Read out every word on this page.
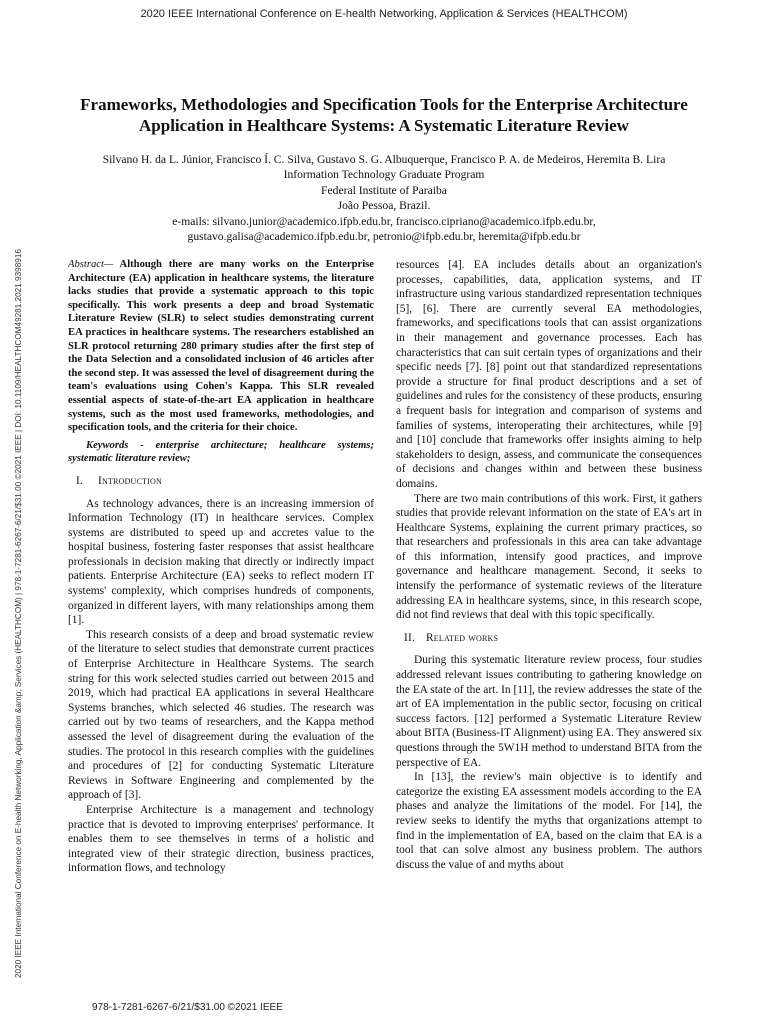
2020 IEEE International Conference on E-health Networking, Application & Services (HEALTHCOM)
2020 IEEE International Conference on E-health Networking, Application &amp; Services (HEALTHCOM) | 978-1-7281-6267-6/21/$31.00 ©2021 IEEE | DOI: 10.1109/HEALTHCOM49281.2021.9398916
Frameworks, Methodologies and Specification Tools for the Enterprise Architecture
Application in Healthcare Systems: A Systematic Literature Review
Silvano H. da L. Júnior, Francisco Í. C. Silva, Gustavo S. G. Albuquerque, Francisco P. A. de Medeiros, Heremita B. Lira
Information Technology Graduate Program
Federal Institute of Paraiba
João Pessoa, Brazil.
e-mails: silvano.junior@academico.ifpb.edu.br, francisco.cipriano@academico.ifpb.edu.br,
gustavo.galisa@academico.ifpb.edu.br, petronio@ifpb.edu.br, heremita@ifpb.edu.br

Abstract— Although there are many works on the Enterprise Architecture (EA) application in healthcare systems, the literature lacks studies that provide a systematic approach to this topic specifically. This work presents a deep and broad Systematic Literature Review (SLR) to select studies demonstrating current EA practices in healthcare systems. The researchers established an SLR protocol returning 280 primary studies after the first step of the Data Selection and a consolidated inclusion of 46 articles after the second step. It was assessed the level of disagreement during the team's evaluations using Cohen's Kappa. This SLR revealed essential aspects of state-of-the-art EA application in healthcare systems, such as the most used frameworks, methodologies, and specification tools, and the criteria for their choice.

Keywords - enterprise architecture; healthcare systems; systematic literature review;

I. Introduction

As technology advances, there is an increasing immersion of Information Technology (IT) in healthcare services. Complex systems are distributed to speed up and accretes value to the hospital business, fostering faster responses that assist healthcare professionals in decision making that directly or indirectly impact patients. Enterprise Architecture (EA) seeks to reflect modern IT systems' complexity, which comprises hundreds of components, organized in different layers, with many relationships among them [1].

This research consists of a deep and broad systematic review of the literature to select studies that demonstrate current practices of Enterprise Architecture in Healthcare Systems. The search string for this work selected studies carried out between 2015 and 2019, which had practical EA applications in several Healthcare Systems branches, which selected 46 studies. The research was carried out by two teams of researchers, and the Kappa method assessed the level of disagreement during the evaluation of the studies. The protocol in this research complies with the guidelines and procedures of [2] for conducting Systematic Literature Reviews in Software Engineering and complemented by the approach of [3].

Enterprise Architecture is a management and technology practice that is devoted to improving enterprises' performance. It enables them to see themselves in terms of a holistic and integrated view of their strategic direction, business practices, information flows, and technology

resources [4]. EA includes details about an organization's processes, capabilities, data, application systems, and IT infrastructure using various standardized representation techniques [5], [6]. There are currently several EA methodologies, frameworks, and specifications tools that can assist organizations in their management and governance processes. Each has characteristics that can suit certain types of organizations and their specific needs [7]. [8] point out that standardized representations provide a structure for final product descriptions and a set of guidelines and rules for the consistency of these products, ensuring a frequent basis for integration and comparison of systems and families of systems, interoperating their architectures, while [9] and [10] conclude that frameworks offer insights aiming to help stakeholders to design, assess, and communicate the consequences of decisions and changes within and between these business domains.

There are two main contributions of this work. First, it gathers studies that provide relevant information on the state of EA's art in Healthcare Systems, explaining the current primary practices, so that researchers and professionals in this area can take advantage of this information, intensify good practices, and improve governance and healthcare management. Second, it seeks to intensify the performance of systematic reviews of the literature addressing EA in healthcare systems, since, in this research scope, did not find reviews that deal with this topic specifically.

II. Related works

During this systematic literature review process, four studies addressed relevant issues contributing to gathering knowledge on the EA state of the art. In [11], the review addresses the state of the art of EA implementation in the public sector, focusing on critical success factors. [12] performed a Systematic Literature Review about BITA (Business-IT Alignment) using EA. They answered six questions through the 5W1H method to understand BITA from the perspective of EA.

In [13], the review's main objective is to identify and categorize the existing EA assessment models according to the EA phases and analyze the limitations of the model. For [14], the review seeks to identify the myths that organizations attempt to find in the implementation of EA, based on the claim that EA is a tool that can solve almost any business problem. The authors discuss the value of and myths about

978-1-7281-6267-6/21/$31.00 ©2021 IEEE
